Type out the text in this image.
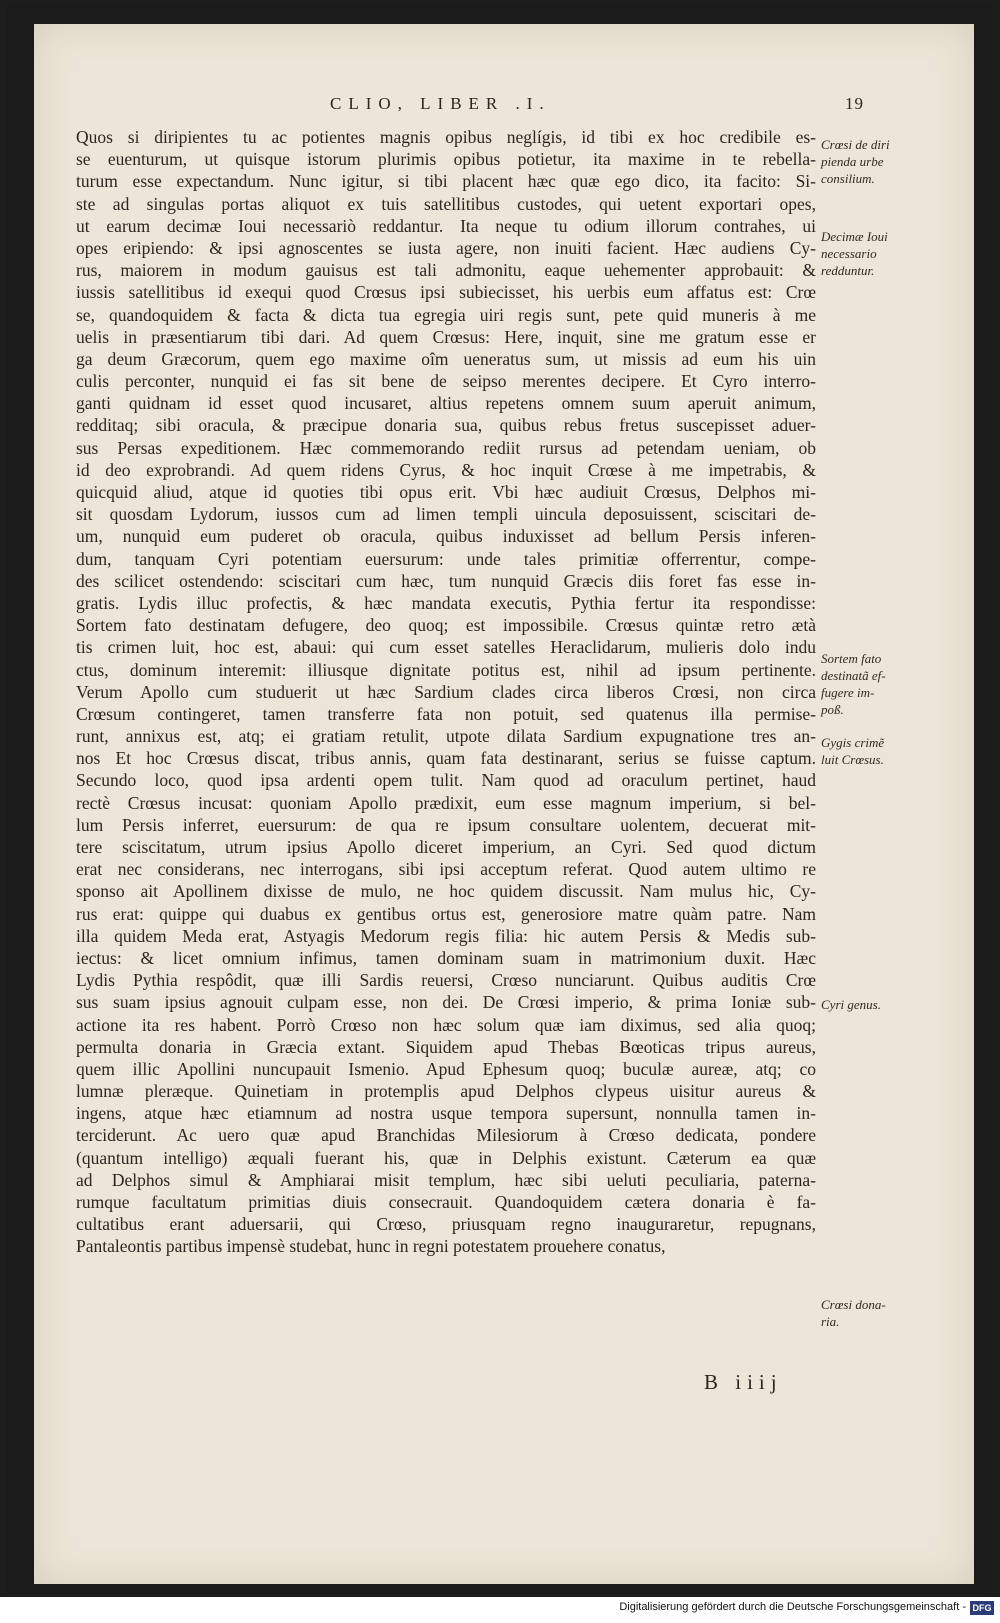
CLIO, LIBER .I.	19
Quos si diripientes tu ac potientes magnis opibus neglígis, id tibi ex hoc credibile es-
se euenturum, ut quisque istorum plurimis opibus potietur, ita maxime in te rebella-
turum esse expectandum. Nunc igitur, si tibi placent hæc quæ ego dico, ita facito: Si-
ste ad singulas portas aliquot ex tuis satellitibus custodes, qui uetent exportari opes,
ut earum decimæ Ioui necessariò reddantur. Ita neque tu odium illorum contrahes, ui
opes eripiendo: & ipsi agnoscentes se iusta agere, non inuiti facient. Hæc audiens Cy-
rus, maiorem in modum gauisus est tali admonitu, eaque uehementer approbauit: &
iussis satellitibus id exequi quod Crœsus ipsi subiecisset, his uerbis eum affatus est: Crœ
se, quandoquidem & facta & dicta tua egregia uiri regis sunt, pete quid muneris à me
uelis in præsentiarum tibi dari. Ad quem Crœsus: Here, inquit, sine me gratum esse er
ga deum Græcorum, quem ego maxime oîm ueneratus sum, ut missis ad eum his uin
culis perconter, nunquid ei fas sit bene de seipso merentes decipere. Et Cyro interro-
ganti quidnam id esset quod incusaret, altius repetens omnem suum aperuit animum,
redditaq; sibi oracula, & præcipue donaria sua, quibus rebus fretus suscepisset aduer-
sus Persas expeditionem. Hæc commemorando rediit rursus ad petendam ueniam, ob
id deo exprobrandi. Ad quem ridens Cyrus, & hoc inquit Crœse à me impetrabis, &
quicquid aliud, atque id quoties tibi opus erit. Vbi hæc audiuit Crœsus, Delphos mi-
sit quosdam Lydorum, iussos cum ad limen templi uincula deposuissent, sciscitari de-
um, nunquid eum puderet ob oracula, quibus induxisset ad bellum Persis inferen-
dum, tanquam Cyri potentiam euersurum: unde tales primitiæ offerrentur, compe-
des scilicet ostendendo: sciscitari cum hæc, tum nunquid Græcis diis foret fas esse in-
gratis. Lydis illuc profectis, & hæc mandata executis, Pythia fertur ita respondisse:
Sortem fato destinatam defugere, deo quoq; est impossibile. Crœsus quintæ retro ætà
tis crimen luit, hoc est, abaui: qui cum esset satelles Heraclidarum, mulieris dolo indu
ctus, dominum interemit: illiusque dignitate potitus est, nihil ad ipsum pertinente.
Verum Apollo cum studuerit ut hæc Sardium clades circa liberos Crœsi, non circa
Crœsum contingeret, tamen transferre fata non potuit, sed quatenus illa permise-
runt, annixus est, atq; ei gratiam retulit, utpote dilata Sardium expugnatione tres an-
nos Et hoc Crœsus discat, tribus annis, quam fata destinarant, serius se fuisse captum.
Secundo loco, quod ipsa ardenti opem tulit. Nam quod ad oraculum pertinet, haud
rectè Crœsus incusat: quoniam Apollo prædixit, eum esse magnum imperium, si bel-
lum Persis inferret, euersurum: de qua re ipsum consultare uolentem, decuerat mit-
tere sciscitatum, utrum ipsius Apollo diceret imperium, an Cyri. Sed quod dictum
erat nec considerans, nec interrogans, sibi ipsi acceptum referat. Quod autem ultimo re
sponso ait Apollinem dixisse de mulo, ne hoc quidem discussit. Nam mulus hic, Cy-
rus erat: quippe qui duabus ex gentibus ortus est, generosiore matre quàm patre. Nam
illa quidem Meda erat, Astyagis Medorum regis filia: hic autem Persis & Medis sub-
iectus: & licet omnium infimus, tamen dominam suam in matrimonium duxit. Hæc
Lydis Pythia respôdit, quæ illi Sardis reuersi, Crœso nunciarunt. Quibus auditis Crœ
sus suam ipsius agnouit culpam esse, non dei. De Crœsi imperio, & prima Ioniæ sub-
actione ita res habent. Porrò Crœso non hæc solum quæ iam diximus, sed alia quoq;
permulta donaria in Græcia extant. Siquidem apud Thebas Bœoticas tripus aureus,
quem illic Apollini nuncupauit Ismenio. Apud Ephesum quoq; buculæ aureæ, atq; co
lumnæ pleræque. Quinetiam in protemplis apud Delphos clypeus uisitur aureus &
ingens, atque hæc etiamnum ad nostra usque tempora supersunt, nonnulla tamen in-
terciderunt. Ac uero quæ apud Branchidas Milesiorum à Crœso dedicata, pondere
(quantum intelligo) æquali fuerant his, quæ in Delphis existunt. Cæterum ea quæ
ad Delphos simul & Amphiarai misit templum, hæc sibi ueluti peculiaria, paterna-
rumque facultatum primitias diuis consecrauit. Quandoquidem cætera donaria è fa-
cultatibus erant aduersarii, qui Crœso, priusquam regno inauguraretur, repugnans,
Pantaleontis partibus impensè studebat, hunc in regni potestatem prouehere conatus,
Crœsi de diri
pienda urbe
consilium.
Decimæ Ioui
necessario
redduntur.
Sortem fato
destinatã ef-
fugere im-
poß.
Gygis crimẽ
luit Crœsus.
Cyri genus.
Crœsi dona-
ria.
B iiij
Digitalisierung gefördert durch die Deutsche Forschungsgemeinschaft - DFG
